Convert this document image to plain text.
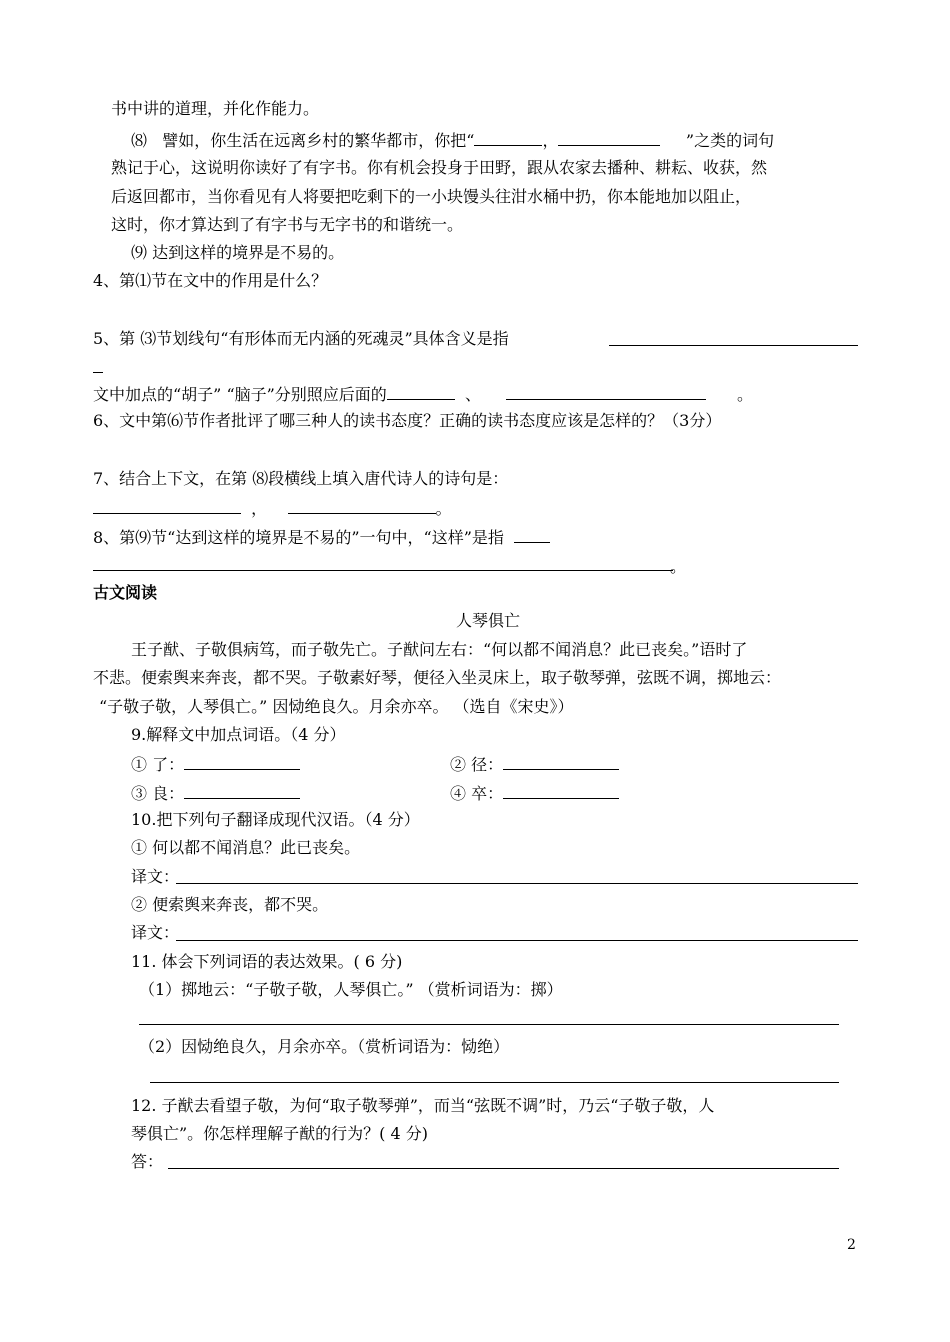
书中讲的道理，并化作能力。
⑻ 譬如，你生活在远离乡村的繁华都市，你把“	，	”之类的词句
熟记于心，这说明你读好了有字书。你有机会投身于田野，跟从农家去播种、耕耘、收获，然
后返回都市，当你看见有人将要把吃剩下的一小块馒头往泔水桶中扔，你本能地加以阻止，
这时，你才算达到了有字书与无字书的和谐统一。
⑼ 达到这样的境界是不易的。
4、第⑴节在文中的作用是什么？
5、第 ⑶节划线句“有形体而无内涵的死魂灵”具体含义是指
文中加点的“胡子” “脑子”分别照应后面的	、	。
6、文中第⑹节作者批评了哪三种人的读书态度？正确的读书态度应该是怎样的？（3分）
7、结合上下文，在第 ⑻段横线上填入唐代诗人的诗句是：
，	。
8、第⑼节“达到这样的境界是不易的”一句中，“这样”是指
。
古文阅读
人琴俱亡
王子猷、子敬俱病笃，而子敬先亡。子猷问左右：“何以都不闻消息？此已丧矣。”语时了
不悲。便索舆来奔丧，都不哭。子敬素好琴，便径入坐灵床上，取子敬琴弹，弦既不调，掷地云：
“子敬子敬，人琴俱亡。” 因恸绝良久。月余亦卒。 （选自《宋史》）
9.解释文中加点词语。（4 分）
① 了：	② 径：
③ 良：	④ 卒：
10.把下列句子翻译成现代汉语。（4 分）
① 何以都不闻消息？此已丧矣。
译文：
② 便索舆来奔丧，都不哭。
译文：
11. 体会下列词语的表达效果。( 6 分)
（1）掷地云：“子敬子敬，人琴俱亡。” （赏析词语为：掷）
（2）因恸绝良久，月余亦卒。（赏析词语为：恸绝）
12. 子猷去看望子敬，为何“取子敬琴弹”，而当“弦既不调”时，乃云“子敬子敬，人
琴俱亡”。你怎样理解子猷的行为？( 4 分)
答：
2
